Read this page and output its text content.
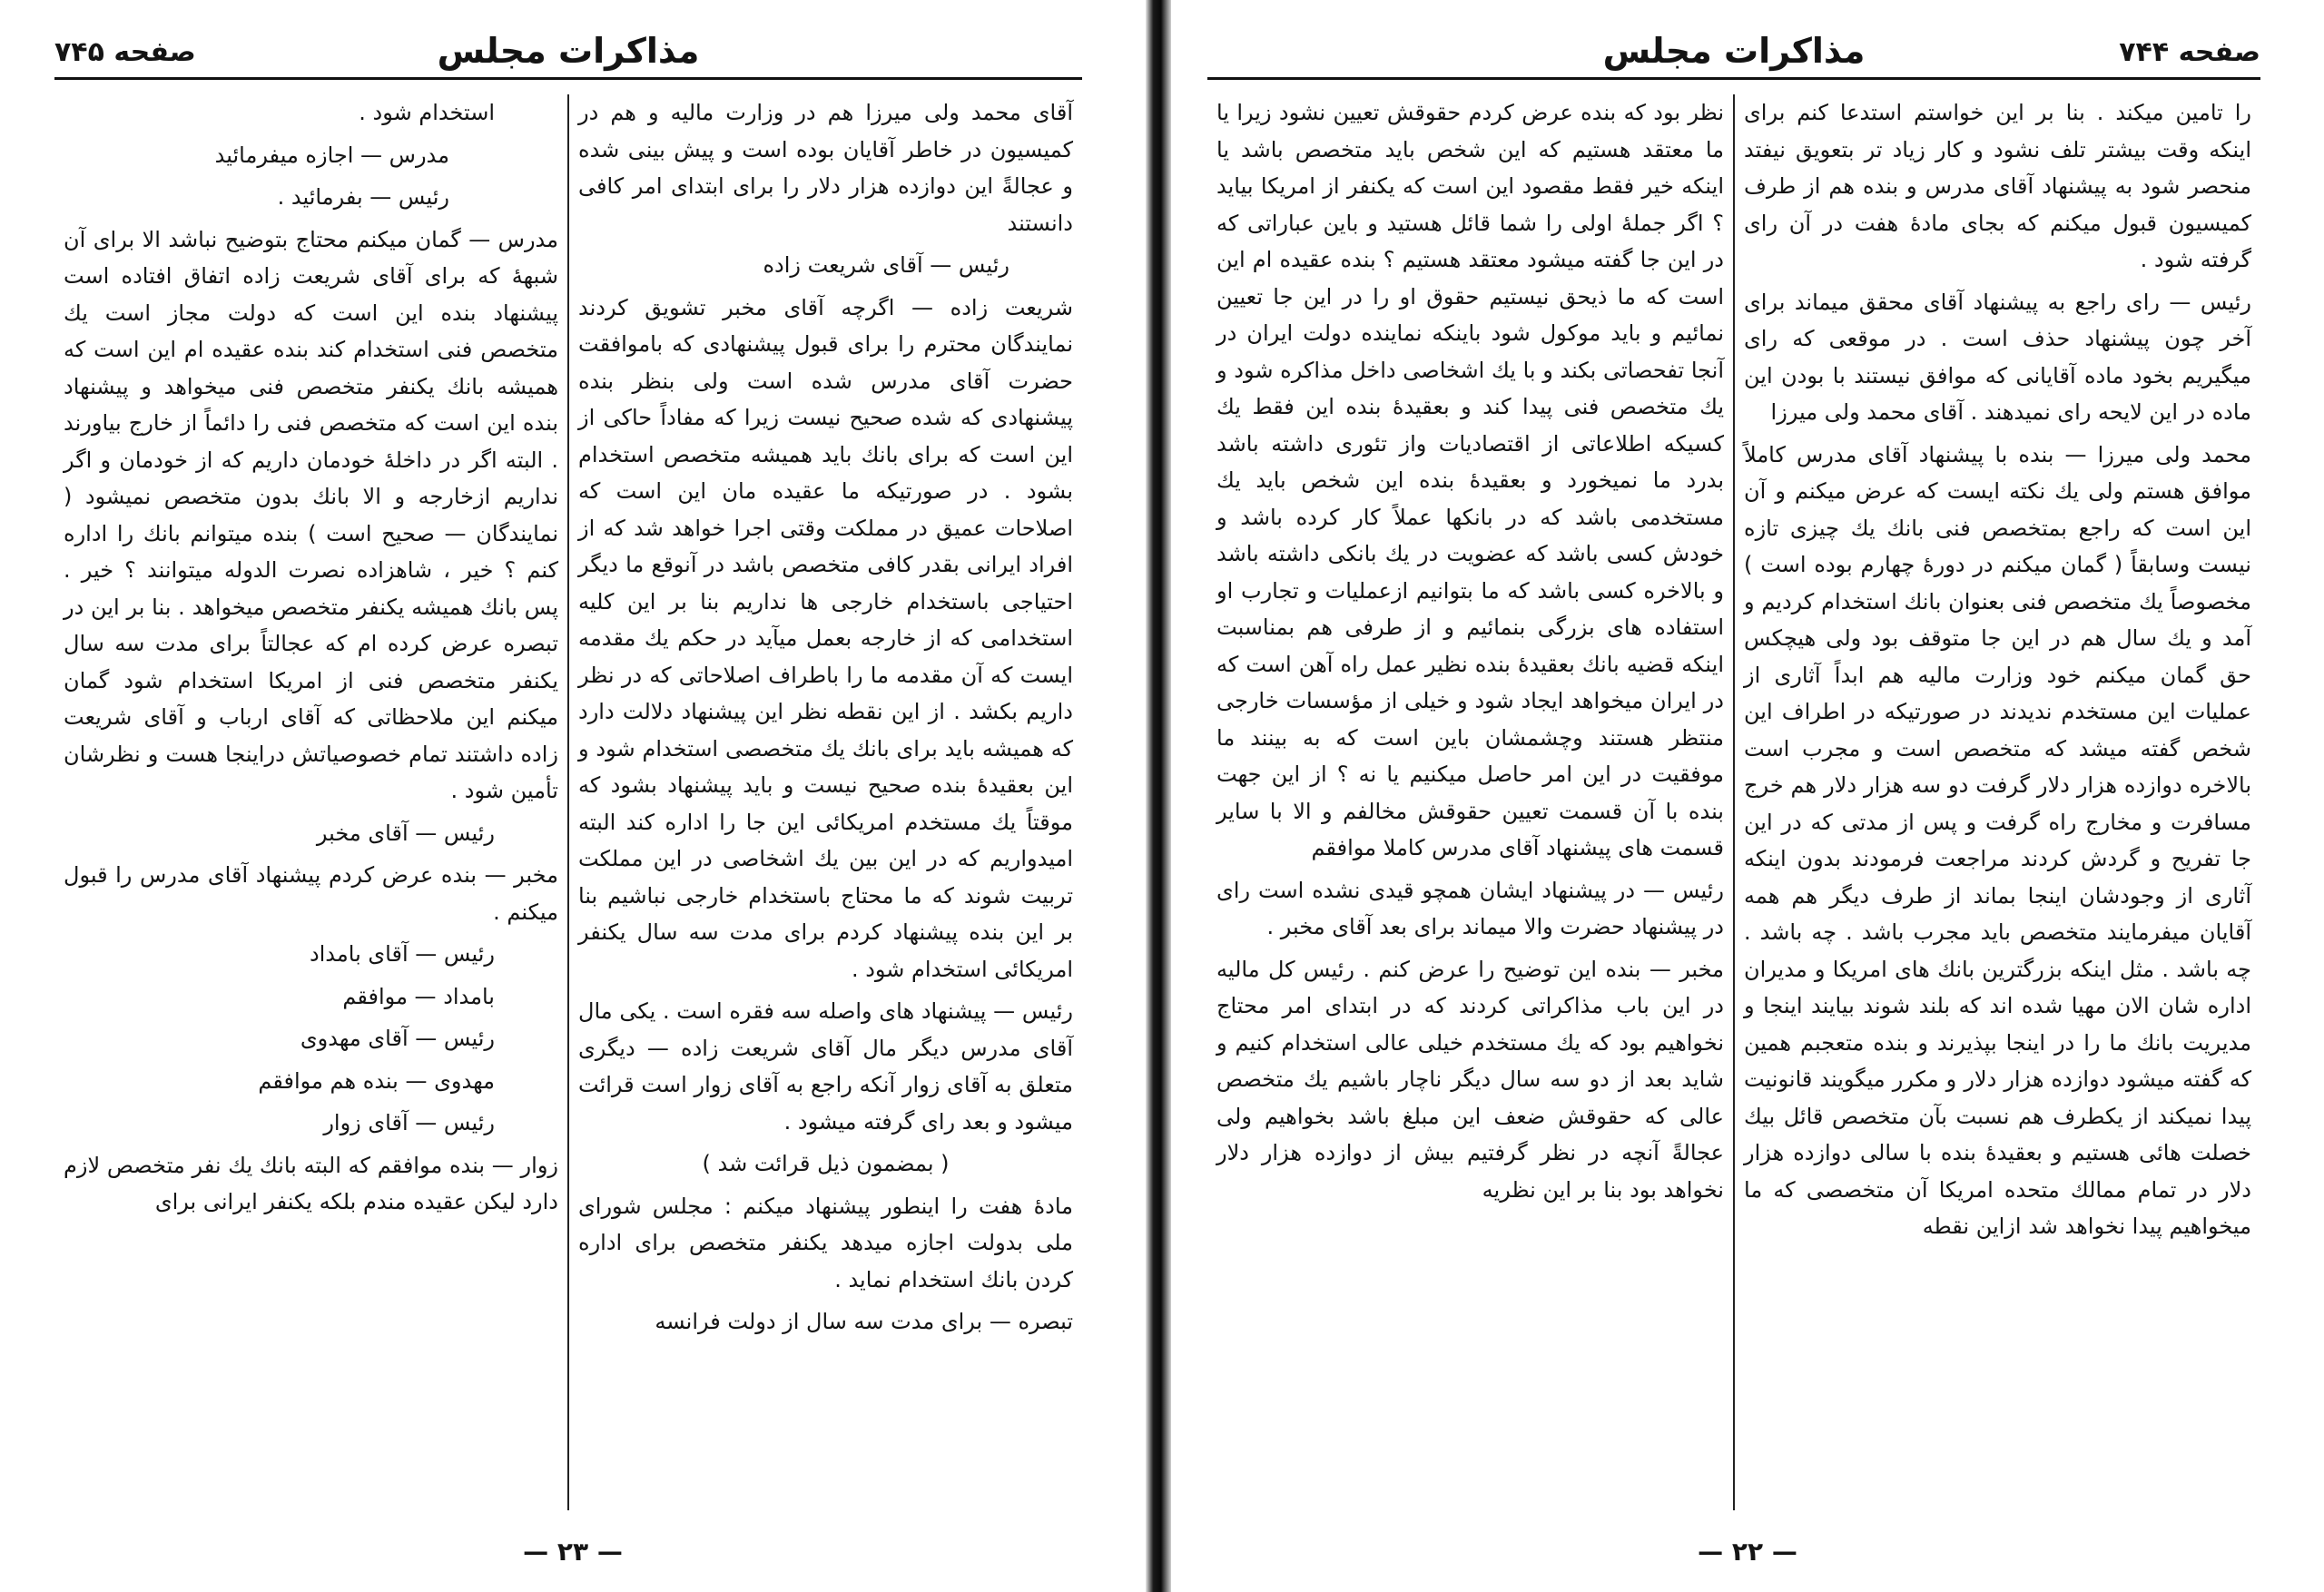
صفحه ۷۴۵	مذاکرات مجلس

آقای محمد ولی میرزا هم در وزارت مالیه و هم در کمیسیون در خاطر آقایان بوده است و پیش بینی شده و عجالةً این دوازده هزار دلار را برای ابتدای امر کافی دانستند

رئیس — آقای شریعت زاده

شریعت زاده — اگرچه آقای مخبر تشویق کردند نمایندگان محترم را برای قبول پیشنهادی که باموافقت حضرت آقای مدرس شده است ولی بنظر بنده پیشنهادی که شده صحیح نیست زیرا که مفاداً حاکی از این است که برای بانك باید همیشه متخصص استخدام بشود . در صورتیکه ما عقیده مان این است که اصلاحات عمیق در مملکت وقتی اجرا خواهد شد که از افراد ایرانی بقدر کافی متخصص باشد در آنوقع ما دیگر احتیاجی باستخدام خارجی ها نداریم بنا بر این کلیه استخدامی که از خارجه بعمل میآید در حکم یك مقدمه ایست که آن مقدمه ما را باطراف اصلاحاتی که در نظر داریم بکشد . از این نقطه نظر این پیشنهاد دلالت دارد که همیشه باید برای بانك یك متخصصی استخدام شود و این بعقیدهٔ بنده صحیح نیست و باید پیشنهاد بشود که موقتاً یك مستخدم امریکائی این جا را اداره کند البته امیدواریم که در این بین یك اشخاصی در این مملکت تربیت شوند که ما محتاج باستخدام خارجی نباشیم بنا بر این بنده پیشنهاد کردم برای مدت سه سال یکنفر امریکائی استخدام شود .

رئیس — پیشنهاد های واصله سه فقره است . یکی مال آقای مدرس دیگر مال آقای شریعت زاده — دیگری متعلق به آقای زوار آنکه راجع به آقای زوار است قرائت میشود و بعد رای گرفته میشود .

( بمضمون ذیل قرائت شد )

مادهٔ هفت را اینطور پیشنهاد میکنم : مجلس شورای ملی بدولت اجازه میدهد یکنفر متخصص برای اداره کردن بانك استخدام نماید .

تبصره — برای مدت سه سال از دولت فرانسه

استخدام شود .

مدرس — اجازه میفرمائید

رئیس — بفرمائید .

مدرس — گمان میکنم محتاج بتوضیح نباشد الا برای آن شبههٔ که برای آقای شریعت زاده اتفاق افتاده است پیشنهاد بنده این است که دولت مجاز است یك متخصص فنی استخدام کند بنده عقیده ام این است که همیشه بانك یکنفر متخصص فنی میخواهد و پیشنهاد بنده این است که متخصص فنی را دائماً از خارج بیاورند . البته اگر در داخلهٔ خودمان داریم که از خودمان و اگر نداریم ازخارجه و الا بانك بدون متخصص نمیشود ( نمایندگان — صحیح است ) بنده میتوانم بانك را اداره کنم ؟ خیر ، شاهزاده نصرت الدوله میتوانند ؟ خیر . پس بانك همیشه یکنفر متخصص میخواهد . بنا بر این در تبصره عرض کرده ام که عجالتاً برای مدت سه سال یکنفر متخصص فنی از امریکا استخدام شود گمان میکنم این ملاحظاتی که آقای ارباب و آقای شریعت زاده داشتند تمام خصوصیاتش دراینجا هست و نظرشان تأمین شود .

رئیس — آقای مخبر

مخبر — بنده عرض کردم پیشنهاد آقای مدرس را قبول میکنم .

رئیس — آقای بامداد

بامداد — موافقم

رئیس — آقای مهدوی

مهدوی — بنده هم موافقم

رئیس — آقای زوار

زوار — بنده موافقم که البته بانك یك نفر متخصص لازم دارد لیکن عقیده مندم بلکه یکنفر ایرانی برای

— ۲۳ —
صفحه ۷۴۴
مذاکرات مجلس

را تامین میکند . بنا بر این خواستم استدعا کنم برای اینکه وقت بیشتر تلف نشود و کار زیاد تر بتعویق نیفتد منحصر شود به پیشنهاد آقای مدرس و بنده هم از طرف کمیسیون قبول میکنم که بجای مادهٔ هفت در آن رای گرفته شود .

رئیس — رای راجع به پیشنهاد آقای محقق میماند برای آخر چون پیشنهاد حذف است . در موقعی که رای میگیریم بخود ماده آقایانی که موافق نیستند با بودن این ماده در این لایحه رای نمیدهند . آقای محمد ولی میرزا

محمد ولی میرزا — بنده با پیشنهاد آقای مدرس کاملاً موافق هستم ولی یك نکته ایست که عرض میکنم و آن این است که راجع بمتخصص فنی بانك یك چیزی تازه نیست وسابقاً ( گمان میکنم در دورهٔ چهارم بوده است ) مخصوصاً یك متخصص فنی بعنوان بانك استخدام کردیم و آمد و یك سال هم در این جا متوقف بود ولی هیچکس حق گمان میکنم خود وزارت مالیه هم ابداً آثاری از عملیات این مستخدم ندیدند در صورتیکه در اطراف این شخص گفته میشد که متخصص است و مجرب است بالاخره دوازده هزار دلار گرفت دو سه هزار دلار هم خرج مسافرت و مخارج راه گرفت و پس از مدتی که در این جا تفریح و گردش کردند مراجعت فرمودند بدون اینکه آثاری از وجودشان اینجا بماند از طرف دیگر هم همه آقایان میفرمایند متخصص باید مجرب باشد . چه باشد . چه باشد . مثل اینکه بزرگترین بانك های امریکا و مدیران اداره شان الان مهیا شده اند که بلند شوند بیایند اینجا و مدیریت بانك ما را در اینجا بپذیرند و بنده متعجبم همین که گفته میشود دوازده هزار دلار و مکرر میگویند قانونیت پیدا نمیکند از یکطرف هم نسبت بآن متخصص قائل بیك خصلت هائی هستیم و بعقیدهٔ بنده با سالی دوازده هزار دلار در تمام ممالك متحده امریکا آن متخصصی که ما میخواهیم پیدا نخواهد شد ازاین نقطه

نظر بود که بنده عرض کردم حقوقش تعیین نشود زیرا یا ما معتقد هستیم که این شخص باید متخصص باشد یا اینکه خیر فقط مقصود این است که یکنفر از امریکا بیاید ؟ اگر جملهٔ اولی را شما قائل هستید و باین عباراتی که در این جا گفته میشود معتقد هستیم ؟ بنده عقیده ام این است که ما ذیحق نیستیم حقوق او را در این جا تعیین نمائیم و باید موکول شود باینکه نماینده دولت ایران در آنجا تفحصاتی بکند و با یك اشخاصی داخل مذاکره شود و یك متخصص فنی پیدا کند و بعقیدهٔ بنده این فقط یك کسیکه اطلاعاتی از اقتصادیات واز تئوری داشته باشد بدرد ما نمیخورد و بعقیدهٔ بنده این شخص باید یك مستخدمی باشد که در بانکها عملاً کار کرده باشد و خودش کسی باشد که عضویت در یك بانکی داشته باشد و بالاخره کسی باشد که ما بتوانیم ازعملیات و تجارب او استفاده های بزرگی بنمائیم و از طرفی هم بمناسبت اینکه قضیه بانك بعقیدهٔ بنده نظیر عمل راه آهن است که در ایران میخواهد ایجاد شود و خیلی از مؤسسات خارجی منتظر هستند وچشمشان باین است که به بینند ما موفقیت در این امر حاصل میکنیم یا نه ؟ از این جهت بنده با آن قسمت تعیین حقوقش مخالفم و الا با سایر قسمت های پیشنهاد آقای مدرس کاملا موافقم

رئیس — در پیشنهاد ایشان همچو قیدی نشده است رای در پیشنهاد حضرت والا میماند برای بعد آقای مخبر .

مخبر — بنده این توضیح را عرض کنم . رئیس کل مالیه در این باب مذاکراتی کردند که در ابتدای امر محتاج نخواهیم بود که یك مستخدم خیلی عالی استخدام کنیم و شاید بعد از دو سه سال دیگر ناچار باشیم یك متخصص عالی که حقوقش ضعف این مبلغ باشد بخواهیم ولی عجالةً آنچه در نظر گرفتیم بیش از دوازده هزار دلار نخواهد بود بنا بر این نظریه

— ۲۲ —
